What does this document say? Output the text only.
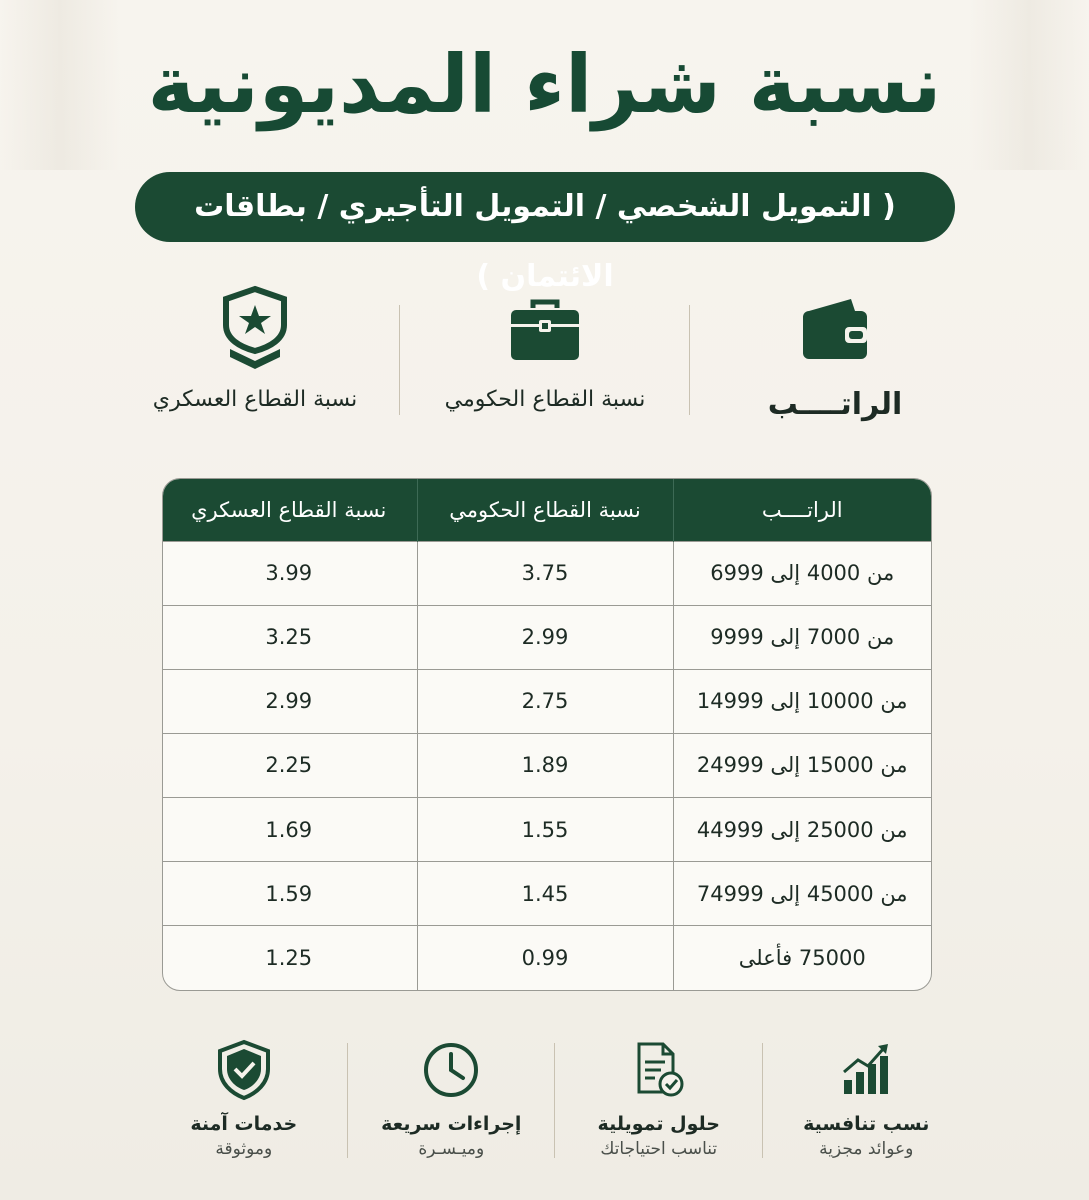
نسبة شراء المديونية
( التمويل الشخصي / التمويل التأجيري / بطاقات الائتمان )
الراتــــب
نسبة القطاع الحكومي
نسبة القطاع العسكري
الراتــــب	نسبة القطاع الحكومي	نسبة القطاع العسكري
من 4000 إلى 6999	3.75	3.99
من 7000 إلى 9999	2.99	3.25
من 10000 إلى 14999	2.75	2.99
من 15000 إلى 24999	1.89	2.25
من 25000 إلى 44999	1.55	1.69
من 45000 إلى 74999	1.45	1.59
75000 فأعلى	0.99	1.25
نسب تنافسية
وعوائد مجزية
حلول تمويلية
تناسب احتياجاتك
إجراءات سريعة
وميـسـرة
خدمات آمنة
وموثوقة
